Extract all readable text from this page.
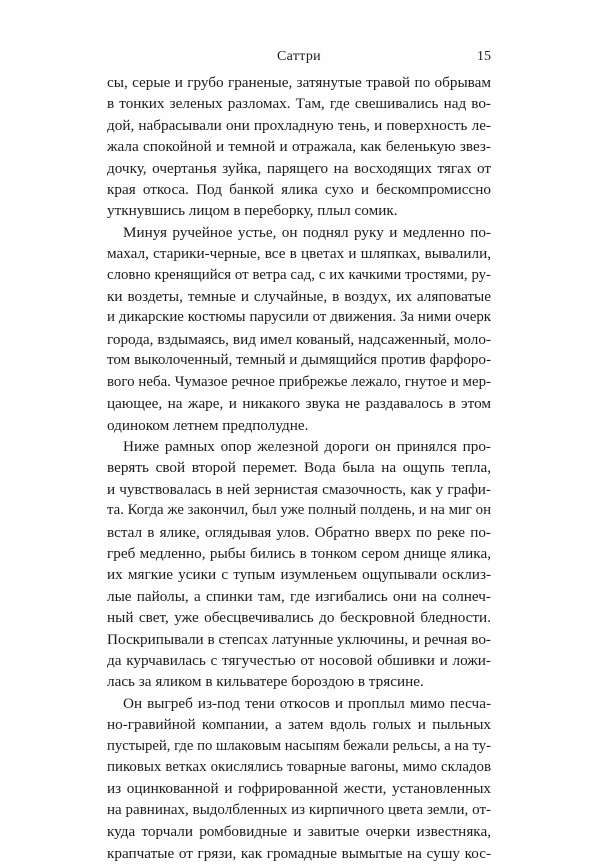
Саттри	15

сы, серые и грубо граненые, затянутые травой по обрывам
в тонких зеленых разломах. Там, где свешивались над во-
дой, набрасывали они прохладную тень, и поверхность ле-
жала спокойной и темной и отражала, как беленькую звез-
дочку, очертанья зуйка, парящего на восходящих тягах от
края откоса. Под банкой ялика сухо и бескомпромиссно
уткнувшись лицом в переборку, плыл сомик.

Минуя ручейное устье, он поднял руку и медленно по-
махал, старики-черные, все в цветах и шляпках, вывалили,
словно кренящийся от ветра сад, с их качкими тростями, ру-
ки воздеты, темные и случайные, в воздух, их аляповатые
и дикарские костюмы парусили от движения. За ними очерк
города, вздымаясь, вид имел кованый, надсаженный, моло-
том выколоченный, темный и дымящийся против фарфоро-
вого неба. Чумазое речное прибрежье лежало, гнутое и мер-
цающее, на жаре, и никакого звука не раздавалось в этом
одиноком летнем предполудне.

Ниже рамных опор железной дороги он принялся про-
верять свой второй перемет. Вода была на ощупь тепла,
и чувствовалась в ней зернистая смазочность, как у графи-
та. Когда же закончил, был уже полный полдень, и на миг он
встал в ялике, оглядывая улов. Обратно вверх по реке по-
греб медленно, рыбы бились в тонком сером днище ялика,
их мягкие усики с тупым изумленьем ощупывали осклиз-
лые пайолы, а спинки там, где изгибались они на солнеч-
ный свет, уже обесцвечивались до бескровной бледности.
Поскрипывали в степсах латунные уключины, и речная во-
да курчавилась с тягучестью от носовой обшивки и ложи-
лась за яликом в кильватере бороздою в трясине.

Он выгреб из-под тени откосов и проплыл мимо песча-
но-гравийной компании, а затем вдоль голых и пыльных
пустырей, где по шлаковым насыпям бежали рельсы, а на ту-
пиковых ветках окислялись товарные вагоны, мимо складов
из оцинкованной и гофрированной жести, установленных
на равнинах, выдолбленных из кирпичного цвета земли, от-
куда торчали ромбовидные и завитые очерки известняка,
крапчатые от грязи, как громадные вымытые на сушу кос-
